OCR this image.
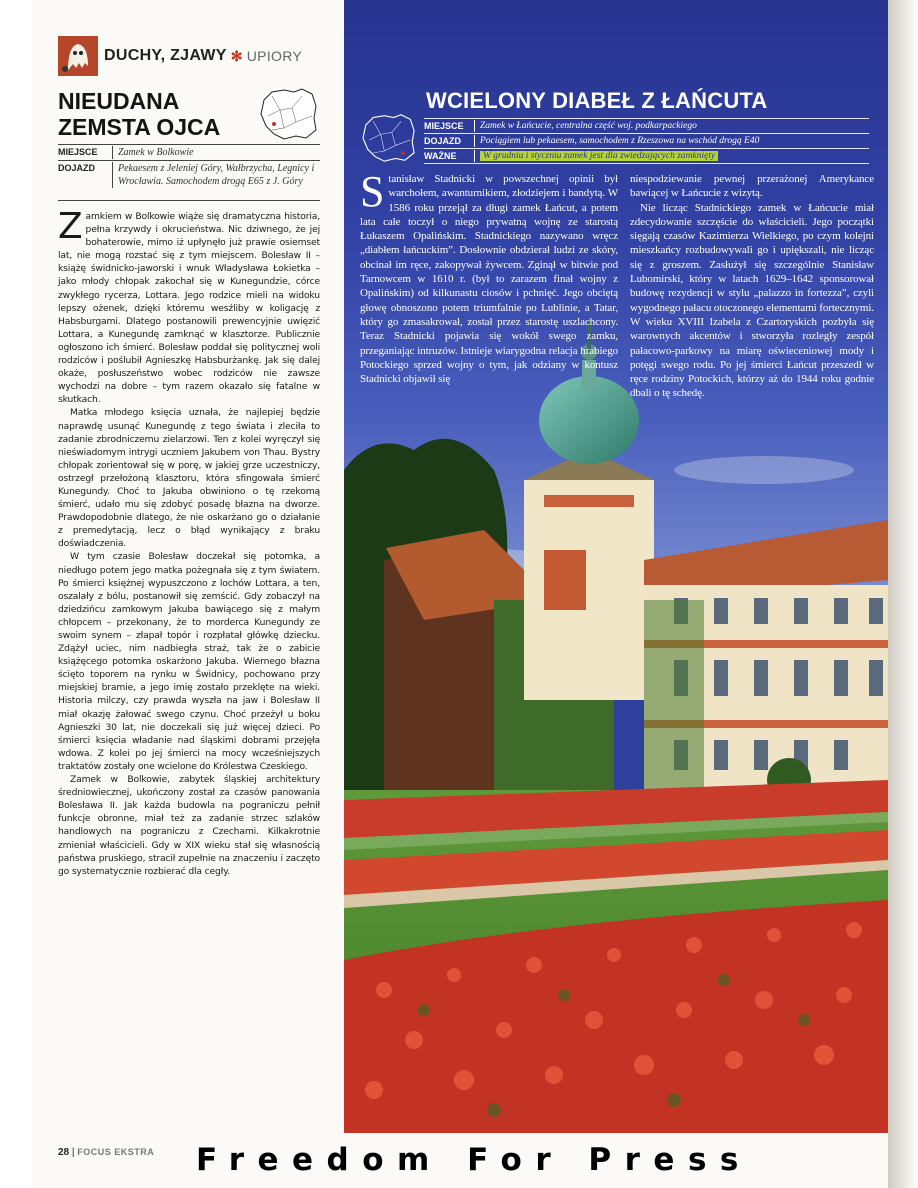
DUCHY, ZJAWY ✻ UPIORY
NIEUDANA
ZEMSTA OJCA
MIEJSCE Zamek w Bolkowie
DOJAZD Pekaesem z Jeleniej Góry, Wałbrzycha, Legnicy i Wrocławia. Samochodem drogą E65 z J. Góry

Zamkiem w Bolkowie wiąże się dramatyczna historia, pełna krzywdy i okrucieństwa. Nic dziwnego, że jej bohaterowie, mimo iż upłynęło już prawie osiemset lat, nie mogą rozstać się z tym miejscem. Bolesław II – książę świdnicko-jaworski i wnuk Władysława Łokietka – jako młody chłopak zakochał się w Kunegundzie, córce zwykłego rycerza, Lottara. Jego rodzice mieli na widoku lepszy ożenek, dzięki któremu wesźliby w koligację z Habsburgami. Dlatego postanowili prewencyjnie uwięzić Lottara, a Kunegundę zamknąć w klasztorze. Publicznie ogłoszono ich śmierć. Bolesław poddał się politycznej woli rodziców i poślubił Agnieszkę Habsburżankę. Jak się dalej okaże, posłuszeństwo wobec rodziców nie zawsze wychodzi na dobre – tym razem okazało się fatalne w skutkach.

Matka młodego księcia uznała, że najlepiej będzie naprawdę usunąć Kunegundę z tego świata i zleciła to zadanie zbrodniczemu zielarzowi. Ten z kolei wyręczył się nieświadomym intrygi uczniem Jakubem von Thau. Bystry chłopak zorientował się w porę, w jakiej grze uczestniczy, ostrzegł przełożoną klasztoru, która sfingowała śmierć Kunegundy. Choć to Jakuba obwiniono o tę rzekomą śmierć, udało mu się zdobyć posadę błazna na dworze. Prawdopodobnie dlatego, że nie oskarżano go o działanie z premedytacją, lecz o błąd wynikający z braku doświadczenia.

W tym czasie Bolesław doczekał się potomka, a niedługo potem jego matka pożegnała się z tym światem. Po śmierci księżnej wypuszczono z lochów Lottara, a ten, oszalały z bólu, postanowił się zemścić. Gdy zobaczył na dziedzińcu zamkowym Jakuba bawiącego się z małym chłopcem – przekonany, że to morderca Kunegundy ze swoim synem – złapał topór i rozpłatał główkę dziecku. Zdążył uciec, nim nadbiegła straż, tak że o zabicie książęcego potomka oskarżono Jakuba. Wiernego błazna ścięto toporem na rynku w Świdnicy, pochowano przy miejskiej bramie, a jego imię zostało przeklęte na wieki. Historia milczy, czy prawda wyszła na jaw i Bolesław II miał okazję żałować swego czynu. Choć przeżył u boku Agnieszki 30 lat, nie doczekali się już więcej dzieci. Po śmierci księcia władanie nad śląskimi dobrami przejęła wdowa. Z kolei po jej śmierci na mocy wcześniejszych traktatów zostały one wcielone do Królestwa Czeskiego.

Zamek w Bolkowie, zabytek śląskiej architektury średniowiecznej, ukończony został za czasów panowania Bolesława II. Jak każda budowla na pograniczu pełnił funkcje obronne, miał też za zadanie strzec szlaków handlowych na pograniczu z Czechami. Kilkakrotnie zmieniał właścicieli. Gdy w XIX wieku stał się własnością państwa pruskiego, stracił zupełnie na znaczeniu i zaczęto go systematycznie rozbierać dla cegły.

28 | FOCUS EKSTRA
WCIELONY DIABEŁ Z ŁAŃCUTA
MIEJSCE Zamek w Łańcucie, centralna część woj. podkarpackiego
DOJAZD Pociągiem lub pekaesem, samochodem z Rzeszowa na wschód drogą E40
WAŻNE	W grudniu i styczniu zamek jest dla zwiedzających zamknięty

Stanisław Stadnicki w powszechnej opinii był warchołem, awanturnikiem, złodziejem i bandytą. W 1586 roku przejął za długi zamek Łańcut, a potem lata całe toczył o niego prywatną wojnę ze starostą Łukaszem Opalińskim. Stadnickiego nazywano wręcz „diabłem łańcuckim”. Dosłownie obdzierał ludzi ze skóry, obcinał im ręce, zakopywał żywcem. Zginął w bitwie pod Tarnowcem w 1610 r. (był to zarazem finał wojny z Opalińskim) od kilkunastu ciosów i pchnięć. Jego obciętą głowę obnoszono potem triumfalnie po Lublinie, a Tatar, który go zmasakrował, został przez starostę uszlachcony. Teraz Stadnicki pojawia się wokół swego zamku, przeganiając intruzów. Istnieje wiarygodna relacja hrabiego Potockiego sprzed wojny o tym, jak odziany w kontusz Stadnicki objawił się

niespodziewanie pewnej przerażonej Amerykance bawiącej w Łańcucie z wizytą.

Nie licząc Stadnickiego zamek w Łańcucie miał zdecydowanie szczęście do właścicieli. Jego początki sięgają czasów Kazimierza Wielkiego, po czym kolejni mieszkańcy rozbudowywali go i upiększali, nie licząc się z groszem. Zasłużył się szczególnie Stanisław Lubomirski, który w latach 1629–1642 sponsorował budowę rezydencji w stylu „palazzo in fortezza”, czyli wygodnego pałacu otoczonego elementami fortecznymi. W wieku XVIII Izabela z Czartoryskich pozbyła się warownych akcentów i stworzyła rozległy zespół pałacowo-parkowy na miarę oświeceniowej mody i potęgi swego rodu. Po jej śmierci Łańcut przeszedł w ręce rodziny Potockich, którzy aż do 1944 roku godnie dbali o tę schedę.

Freedom For Press
